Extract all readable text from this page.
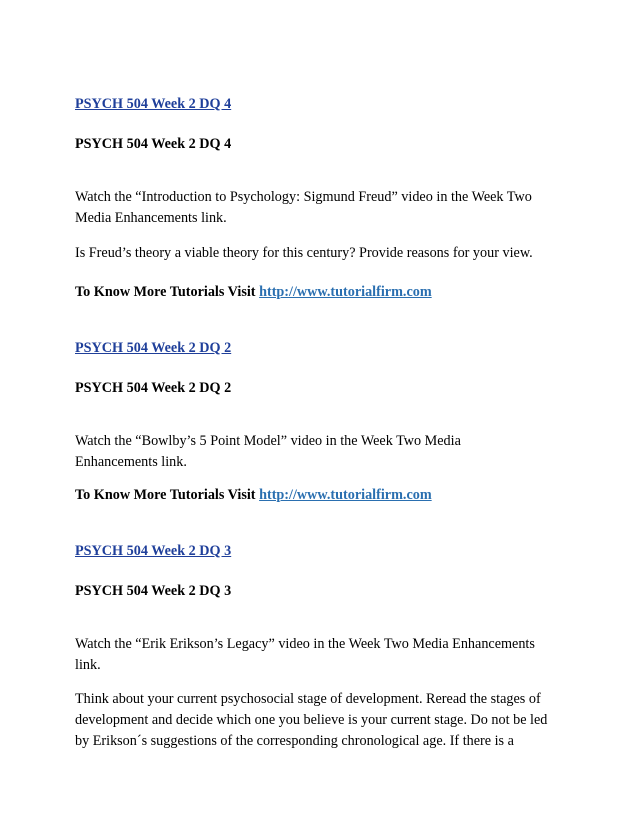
PSYCH 504 Week 2 DQ 4
PSYCH 504 Week 2 DQ 4
Watch the “Introduction to Psychology: Sigmund Freud” video in the Week Two
Media Enhancements link.
Is Freud’s theory a viable theory for this century? Provide reasons for your view.
To Know More Tutorials Visit http://www.tutorialfirm.com
PSYCH 504 Week 2 DQ 2
PSYCH 504 Week 2 DQ 2
Watch the “Bowlby’s 5 Point Model” video in the Week Two Media
Enhancements link.
To Know More Tutorials Visit http://www.tutorialfirm.com
PSYCH 504 Week 2 DQ 3
PSYCH 504 Week 2 DQ 3
Watch the “Erik Erikson’s Legacy” video in the Week Two Media Enhancements
link.
Think about your current psychosocial stage of development. Reread the stages of
development and decide which one you believe is your current stage. Do not be led
by Erikson´s suggestions of the corresponding chronological age. If there is a
